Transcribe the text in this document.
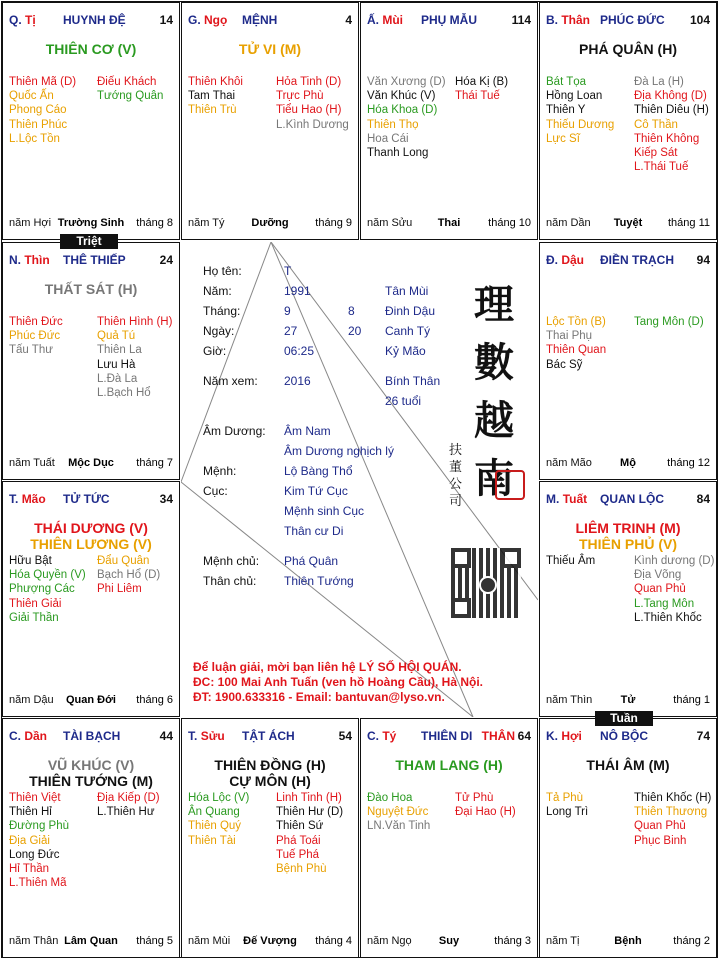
Q. Tị HUYNH ĐỆ	14
THIÊN CƠ (V)
Thiên Mã (D)
Quốc Ấn
Phong Cáo
Thiên Phúc
L.Lộc Tồn
Điếu Khách
Tướng Quân
năm Hợi Trường Sinh	tháng 8
G. Ngọ MỆNH	4
TỬ VI (M)
Thiên Khôi
Tam Thai
Thiên Trù
Hỏa Tinh (D)
Trực Phù
Tiểu Hao (H)
L.Kình Dương
năm Tý	Dưỡng	tháng 9
Ấ. Mùi PHỤ MẪU	114
Văn Xương (D)
Văn Khúc (V)
Hóa Khoa (D)
Thiên Thọ
Hoa Cái
Thanh Long
Hóa Kị (B)
Thái Tuế
năm Sửu	Thai	tháng 10
B. Thân PHÚC ĐỨC 104
PHÁ QUÂN (H)
Bát Tọa
Hồng Loan
Thiên Y
Thiếu Dương
Lực Sĩ
Đà La (H)
Địa Không (D)
Thiên Diêu (H)
Cô Thần
Thiên Không
Kiếp Sát
L.Thái Tuế
năm Dần	Tuyệt	tháng 11
N. Thìn THÊ THIẾP	24
THẤT SÁT (H)
Thiên Đức
Phúc Đức
Tấu Thư
Thiên Hình (H)
Quả Tú
Thiên La
Lưu Hà
L.Đà La
L.Bạch Hổ
năm Tuất	Mộc Dục	tháng 7
Đ. Dậu ĐIỀN TRẠCH 94
Lộc Tồn (B)
Thai Phụ
Thiên Quan
Bác Sỹ
Tang Môn (D)
năm Mão	Mộ	tháng 12
T. Mão TỬ TỨC	34
THÁI DƯƠNG (V)
THIÊN LƯƠNG (V)
Hữu Bật
Hóa Quyền (V)
Phượng Các
Thiên Giải
Giải Thần
Đẩu Quân
Bạch Hổ (D)
Phi Liêm
năm Dậu	Quan Đới	tháng 6
M. Tuất QUAN LỘC	84
LIÊM TRINH (M)
THIÊN PHỦ (V)
Thiếu Âm	Kình dương (D)
Địa Võng
Quan Phủ
L.Tang Môn
L.Thiên Khốc
năm Thìn	Tử	tháng 1
C. Dần TÀI BẠCH	44
VŨ KHÚC (V)
THIÊN TƯỚNG (M)
Thiên Việt
Thiên Hỉ
Đường Phù
Địa Giải
Long Đức
Hỉ Thần
L.Thiên Mã
Địa Kiếp (D)
L.Thiên Hư
năm Thân Lâm Quan	tháng 5
T. Sửu TẬT ÁCH	54
THIÊN ĐỒNG (H)
CỰ MÔN (H)
Hóa Lộc (V)
Ân Quang
Thiên Quý
Thiên Tài
Linh Tinh (H)
Thiên Hư (D)
Thiên Sứ
Phá Toái
Tuế Phá
Bệnh Phù
năm Mùi	Đế Vượng	tháng 4
C. Tý THIÊN DI THÂN 64
THAM LANG (H)
Đào Hoa
Nguyệt Đức
LN.Văn Tinh
Tử Phù
Đại Hao (H)
năm Ngọ	Suy	tháng 3
K. Hợi NÔ BỘC	74
THÁI ÂM (M)
Tả Phù
Long Trì
Thiên Khốc (H)
Thiên Thương
Quan Phủ
Phục Binh
năm Tị	Bệnh	tháng 2
Họ tên:	T
Năm:	1991	Tân Mùi
Tháng:	9	8	Đinh Dậu
Ngày:	27	20 Canh Tý
Giờ:	06:25	Kỷ Mão
Năm xem: 2016	Bính Thân
26 tuổi
Âm Dương: Âm Nam
Âm Dương nghịch lý
Mệnh:	Lộ Bàng Thổ
Cục:	Kim Tứ Cục
Mệnh sinh Cục
Thân cư Di
Mệnh chủ: Phá Quân
Thân chủ: Thiên Tướng
理
數
越
南
扶董公司
Để luận giải, mời bạn liên hệ LÝ SỐ HỘI QUÁN.
ĐC: 100 Mai Anh Tuấn (ven hồ Hoàng Cầu), Hà Nội.
ĐT: 1900.633316 - Email: bantuvan@lyso.vn.
Triệt
Tuần
